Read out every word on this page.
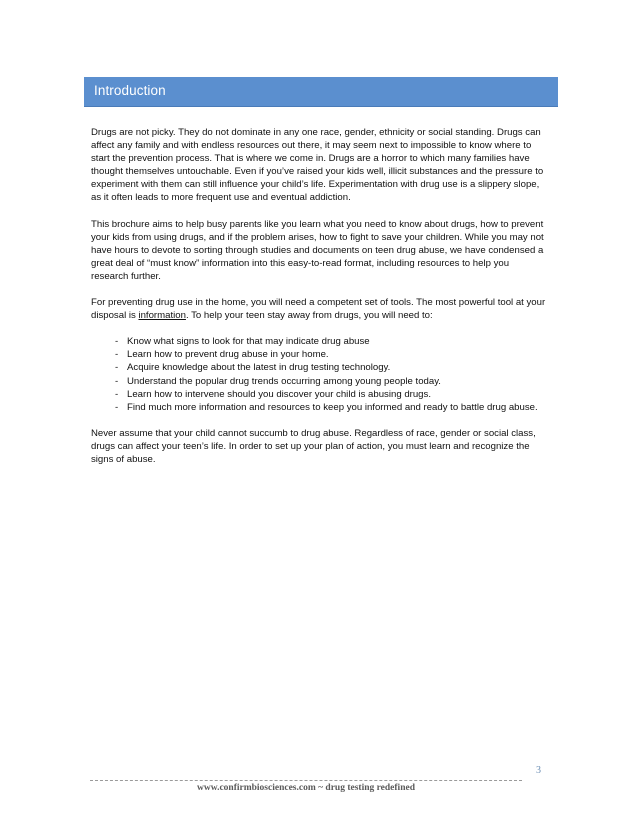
Introduction

Drugs are not picky. They do not dominate in any one race, gender, ethnicity or social standing. Drugs can affect any family and with endless resources out there, it may seem next to impossible to know where to start the prevention process. That is where we come in. Drugs are a horror to which many families have thought themselves untouchable. Even if you’ve raised your kids well, illicit substances and the pressure to experiment with them can still influence your child’s life. Experimentation with drug use is a slippery slope, as it often leads to more frequent use and eventual addiction.

This brochure aims to help busy parents like you learn what you need to know about drugs, how to prevent your kids from using drugs, and if the problem arises, how to fight to save your children. While you may not have hours to devote to sorting through studies and documents on teen drug abuse, we have condensed a great deal of “must know” information into this easy-to-read format, including resources to help you research further.

For preventing drug use in the home, you will need a competent set of tools. The most powerful tool at your disposal is information. To help your teen stay away from drugs, you will need to:

- Know what signs to look for that may indicate drug abuse
- Learn how to prevent drug abuse in your home.
- Acquire knowledge about the latest in drug testing technology.
- Understand the popular drug trends occurring among young people today.
- Learn how to intervene should you discover your child is abusing drugs.
- Find much more information and resources to keep you informed and ready to battle drug abuse.

Never assume that your child cannot succumb to drug abuse. Regardless of race, gender or social class, drugs can affect your teen’s life. In order to set up your plan of action, you must learn and recognize the signs of abuse.

3
www.confirmbiosciences.com ~ drug testing redefined
